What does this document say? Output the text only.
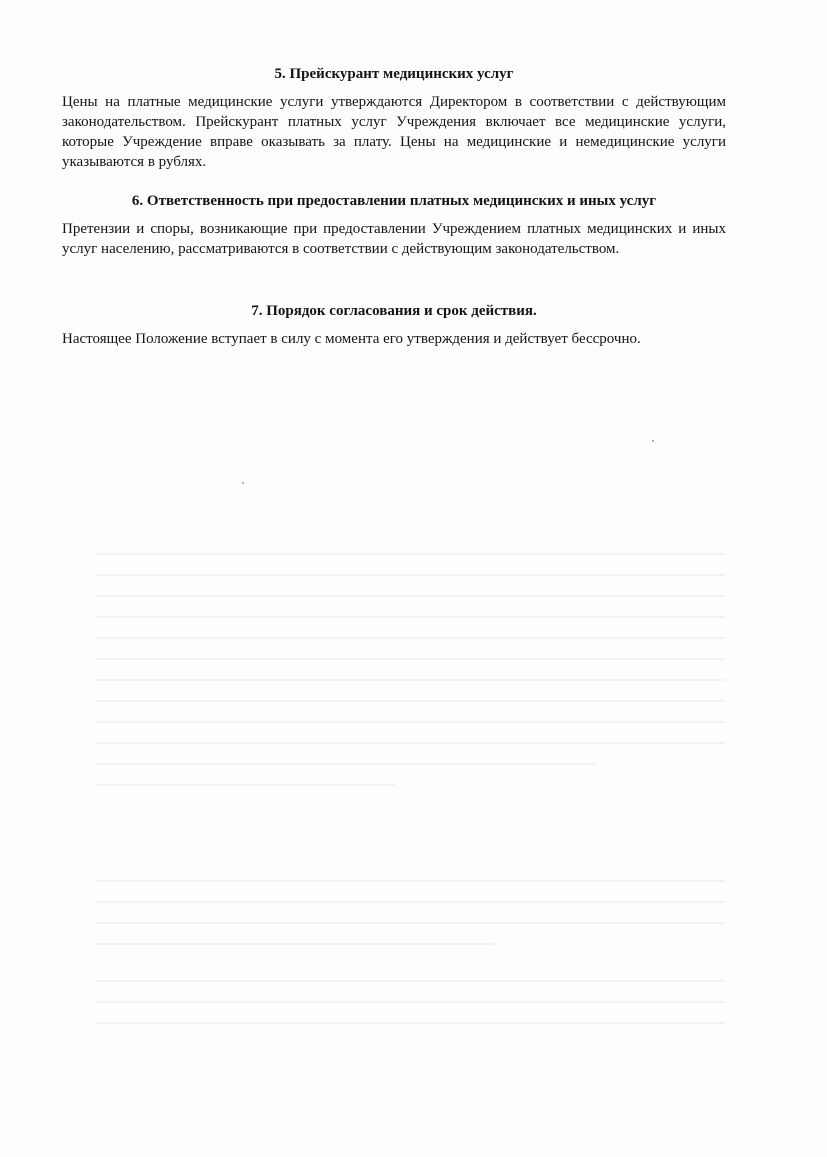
5. Прейскурант медицинских услуг

Цены на платные медицинские услуги утверждаются Директором в соответствии с действующим законодательством. Прейскурант платных услуг Учреждения включает все медицинские услуги, которые Учреждение вправе оказывать за плату. Цены на медицинские и немедицинские услуги указываются в рублях.

6. Ответственность при предоставлении платных медицинских и иных услуг

Претензии и споры, возникающие при предоставлении Учреждением платных медицинских и иных услуг населению, рассматриваются в соответствии с действующим законодательством.

7. Порядок согласования и срок действия.

Настоящее Положение вступает в силу с момента его утверждения и действует бессрочно.
